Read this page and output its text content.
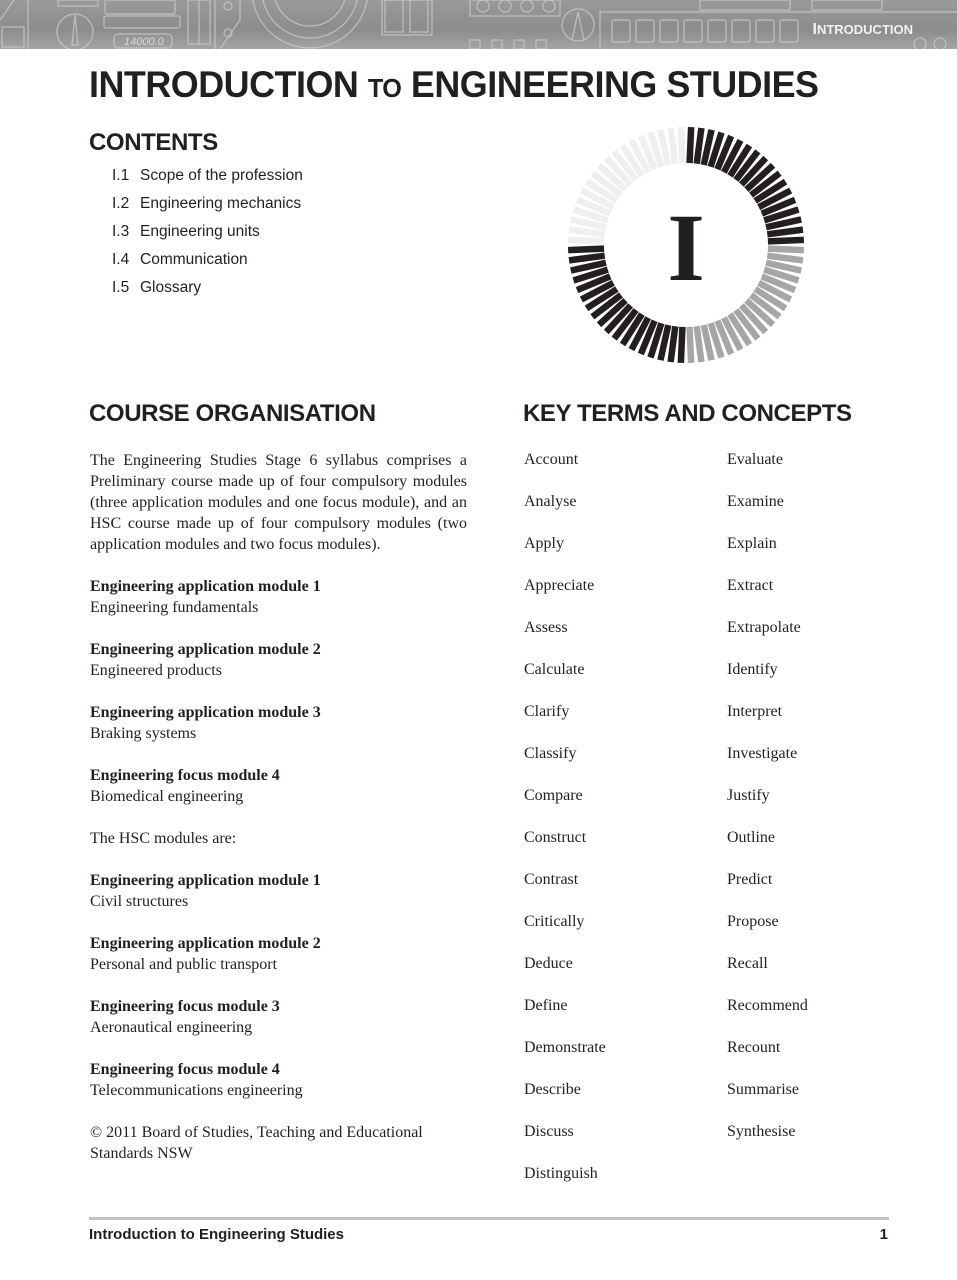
14000.0
INTRODUCTION
INTRODUCTION TO ENGINEERING STUDIES
CONTENTS
I.1 Scope of the profession
I.2 Engineering mechanics
I.3 Engineering units
I.4 Communication
I.5 Glossary	I
COURSE ORGANISATION

The Engineering Studies Stage 6 syllabus comprises a Preliminary course made up of four compulsory modules (three application modules and one focus module), and an HSC course made up of four compulsory modules (two application modules and two focus modules).

Engineering application module 1

Engineering fundamentals

Engineering application module 2

Engineered products

Engineering application module 3

Braking systems

Engineering focus module 4

Biomedical engineering

The HSC modules are:

Engineering application module 1

Civil structures

Engineering application module 2

Personal and public transport

Engineering focus module 3

Aeronautical engineering

Engineering focus module 4

Telecommunications engineering

© 2011 Board of Studies, Teaching and Educational Standards NSW

KEY TERMS AND CONCEPTS
Account
Analyse
Apply
Appreciate
Assess
Calculate
Clarify
Classify
Compare
Construct
Contrast
Critically
Deduce
Define
Demonstrate
Describe
Discuss
Distinguish
Evaluate
Examine
Explain
Extract
Extrapolate
Identify
Interpret
Investigate
Justify
Outline
Predict
Propose
Recall
Recommend
Recount
Summarise
Synthesise
Introduction to Engineering Studies	1
